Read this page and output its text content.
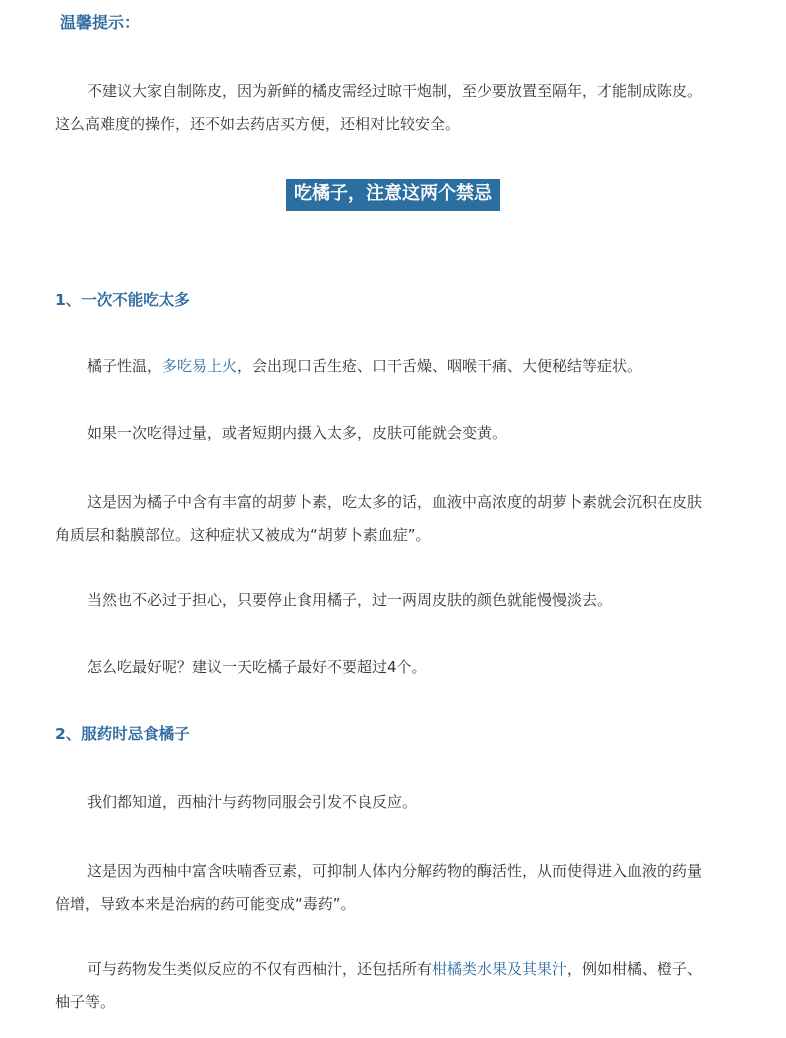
温馨提示：

不建议大家自制陈皮，因为新鲜的橘皮需经过晾干炮制，至少要放置至隔年，才能制成陈皮。这么高难度的操作，还不如去药店买方便，还相对比较安全。

吃橘子，注意这两个禁忌
1、一次不能吃太多

橘子性温，多吃易上火，会出现口舌生疮、口干舌燥、咽喉干痛、大便秘结等症状。

如果一次吃得过量，或者短期内摄入太多，皮肤可能就会变黄。

这是因为橘子中含有丰富的胡萝卜素，吃太多的话，血液中高浓度的胡萝卜素就会沉积在皮肤角质层和黏膜部位。这种症状又被成为“胡萝卜素血症”。

当然也不必过于担心，只要停止食用橘子，过一两周皮肤的颜色就能慢慢淡去。

怎么吃最好呢？建议一天吃橘子最好不要超过4个。

2、服药时忌食橘子

我们都知道，西柚汁与药物同服会引发不良反应。

这是因为西柚中富含呋喃香豆素，可抑制人体内分解药物的酶活性，从而使得进入血液的药量倍增，导致本来是治病的药可能变成“毒药”。

可与药物发生类似反应的不仅有西柚汁，还包括所有柑橘类水果及其果汁，例如柑橘、橙子、柚子等。
